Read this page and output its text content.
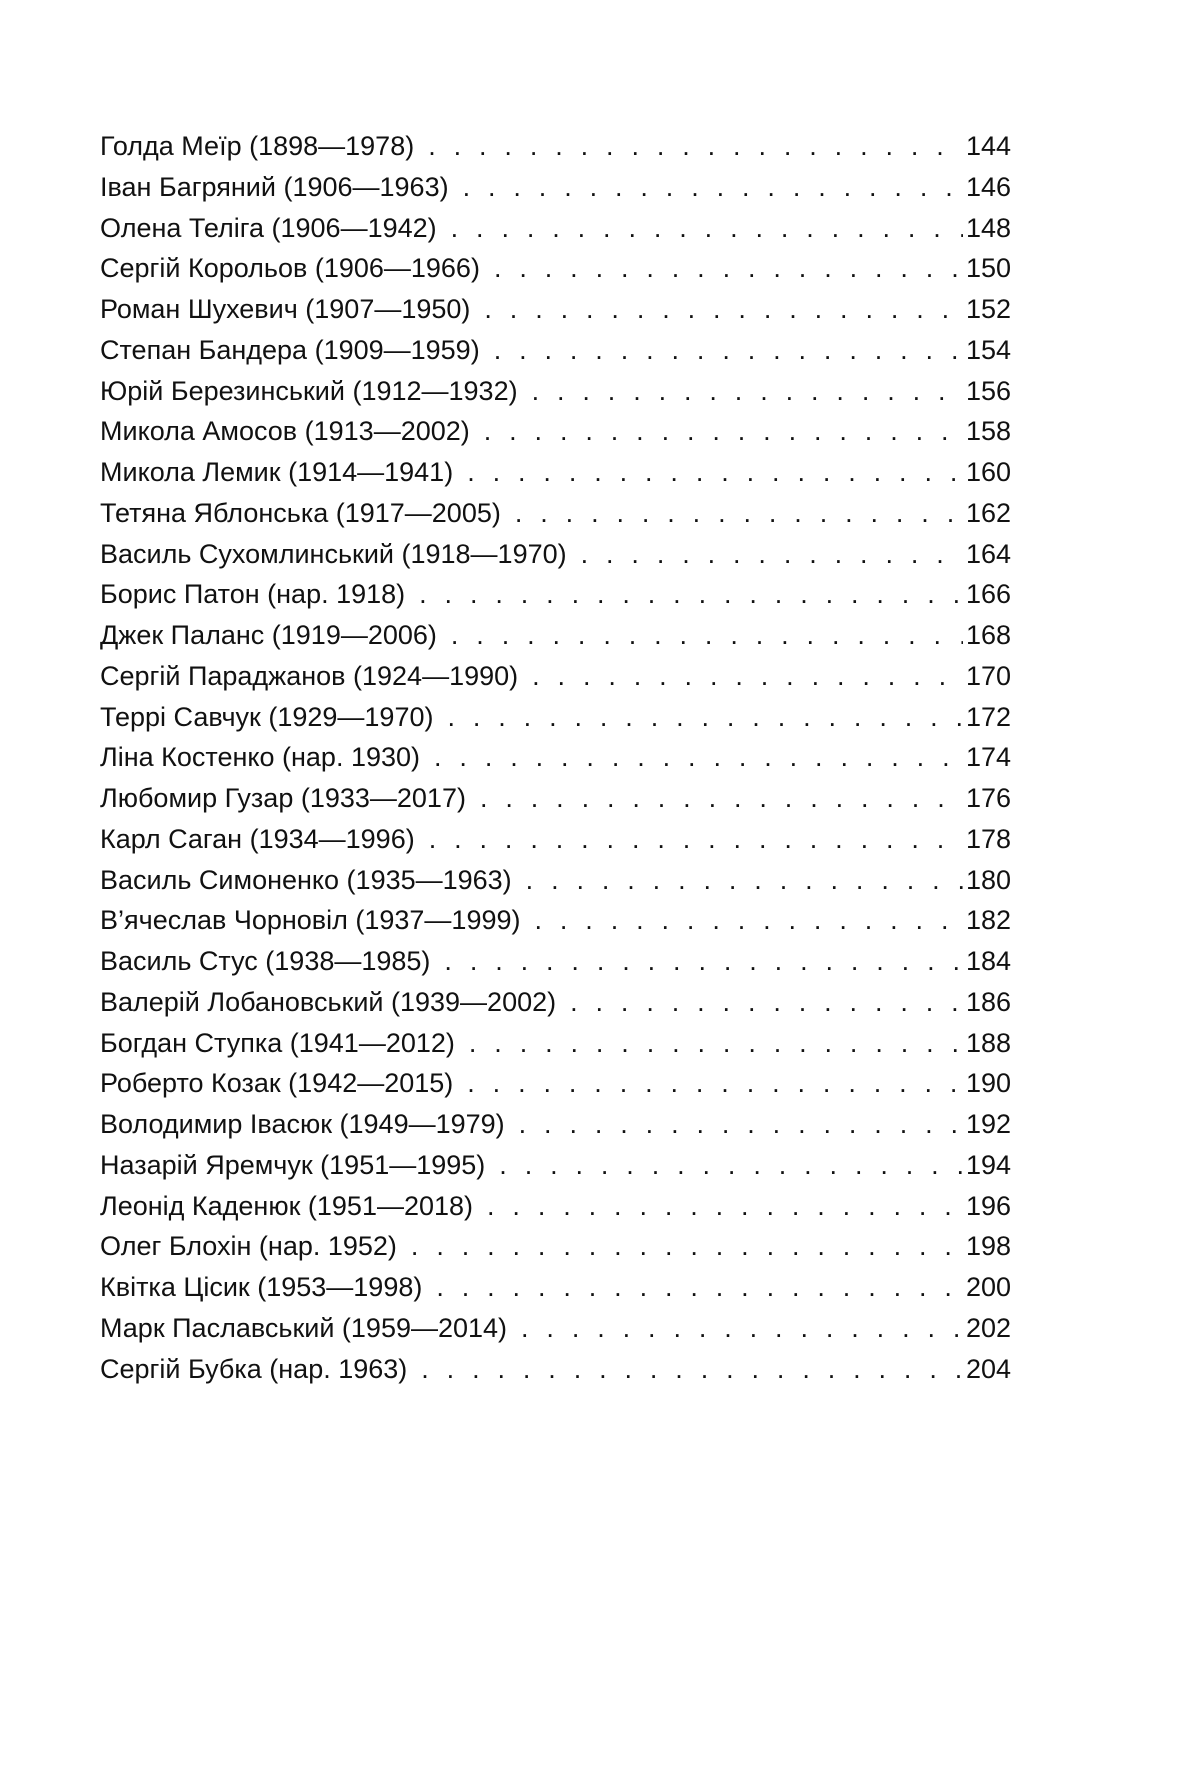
Голда Меїр (1898—1978) . . .	144
Іван Багряний (1906—1963) . . .	146
Олена Теліга (1906—1942) . . .	148
Сергій Корольов (1906—1966) . . .	150
Роман Шухевич (1907—1950) . . .	152
Степан Бандера (1909—1959) . . .	154
Юрій Березинський (1912—1932) . . .	156
Микола Амосов (1913—2002) . . .	158
Микола Лемик (1914—1941) . . .	160
Тетяна Яблонська (1917—2005) . . .	162
Василь Сухомлинський (1918—1970) . . .	164
Борис Патон (нар. 1918) . . .	166
Джек Паланс (1919—2006) . . .	168
Сергій Параджанов (1924—1990) . . .	170
Террі Савчук (1929—1970) . . .	172
Ліна Костенко (нар. 1930) . . .	174
Любомир Гузар (1933—2017) . . .	176
Карл Саган (1934—1996) . . .	178
Василь Симоненко (1935—1963) . . .	180
В’ячеслав Чорновіл (1937—1999) . . .	182
Василь Стус (1938—1985) . . .	184
Валерій Лобановський (1939—2002) . . .	186
Богдан Ступка (1941—2012) . . .	188
Роберто Козак (1942—2015) . . .	190
Володимир Івасюк (1949—1979) . . .	192
Назарій Яремчук (1951—1995) . . .	194
Леонід Каденюк (1951—2018) . . .	196
Олег Блохін (нар. 1952) . . .	198
Квітка Цісик (1953—1998) . . .	200
Марк Паславський (1959—2014) . . .	202
Сергій Бубка (нар. 1963) . . .	204
